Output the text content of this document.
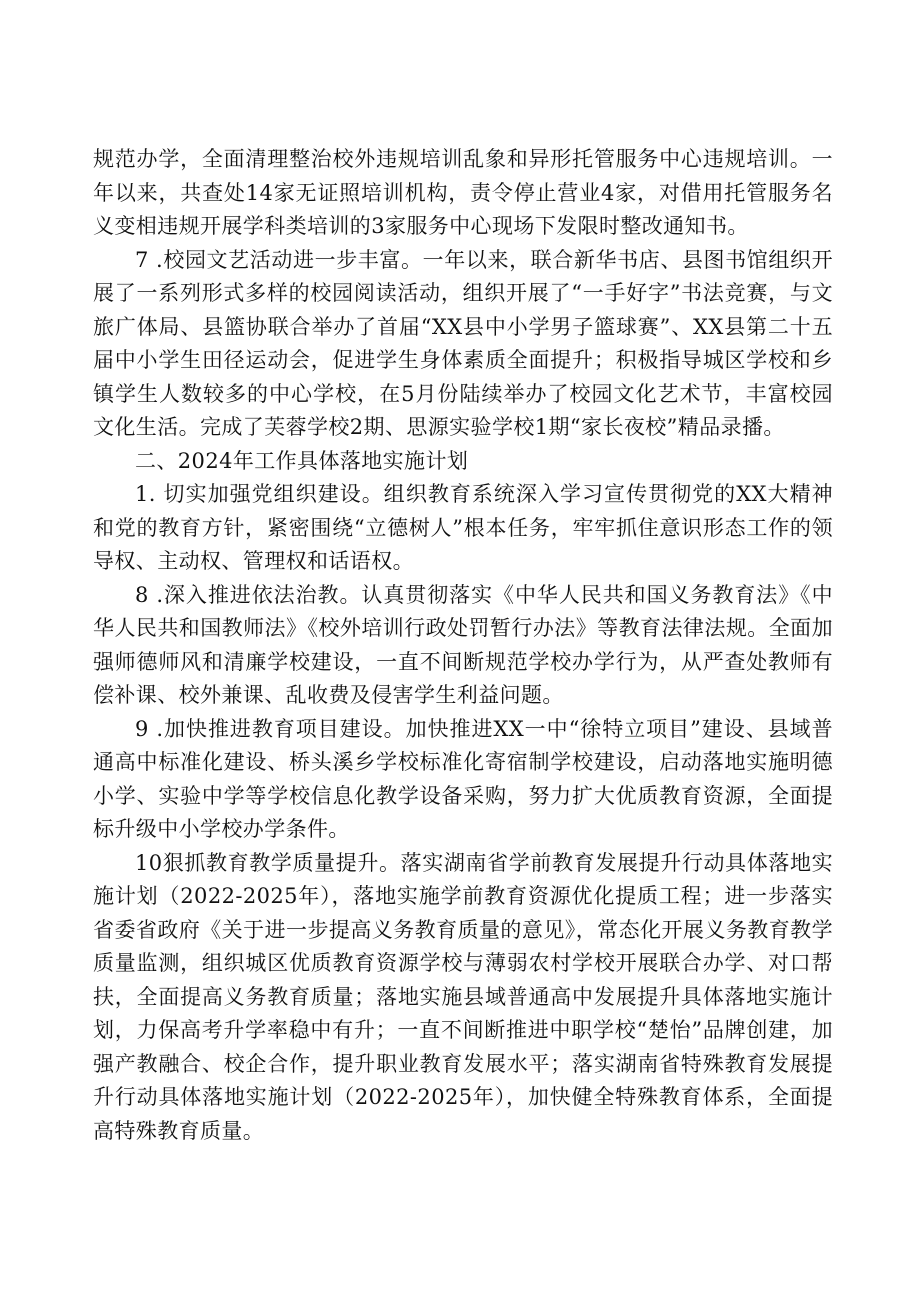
规范办学，全面清理整治校外违规培训乱象和异形托管服务中心违规培训。一年以来，共查处14家无证照培训机构，责令停止营业4家，对借用托管服务名义变相违规开展学科类培训的3家服务中心现场下发限时整改通知书。

7 .校园文艺活动进一步丰富。一年以来，联合新华书店、县图书馆组织开展了一系列形式多样的校园阅读活动，组织开展了“一手好字”书法竞赛，与文旅广体局、县篮协联合举办了首届“XX县中小学男子篮球赛”、XX县第二十五届中小学生田径运动会，促进学生身体素质全面提升；积极指导城区学校和乡镇学生人数较多的中心学校，在5月份陆续举办了校园文化艺术节，丰富校园文化生活。完成了芙蓉学校2期、思源实验学校1期“家长夜校”精品录播。

二、2024年工作具体落地实施计划

1. 切实加强党组织建设。组织教育系统深入学习宣传贯彻党的XX大精神和党的教育方针，紧密围绕“立德树人”根本任务，牢牢抓住意识形态工作的领导权、主动权、管理权和话语权。

8 .深入推进依法治教。认真贯彻落实《中华人民共和国义务教育法》《中华人民共和国教师法》《校外培训行政处罚暂行办法》等教育法律法规。全面加强师德师风和清廉学校建设，一直不间断规范学校办学行为，从严查处教师有偿补课、校外兼课、乱收费及侵害学生利益问题。

9 .加快推进教育项目建设。加快推进XX一中“徐特立项目”建设、县域普通高中标准化建设、桥头溪乡学校标准化寄宿制学校建设，启动落地实施明德小学、实验中学等学校信息化教学设备采购，努力扩大优质教育资源，全面提标升级中小学校办学条件。

10狠抓教育教学质量提升。落实湖南省学前教育发展提升行动具体落地实施计划（2022-2025年），落地实施学前教育资源优化提质工程；进一步落实省委省政府《关于进一步提高义务教育质量的意见》，常态化开展义务教育教学质量监测，组织城区优质教育资源学校与薄弱农村学校开展联合办学、对口帮扶，全面提高义务教育质量；落地实施县域普通高中发展提升具体落地实施计划，力保高考升学率稳中有升；一直不间断推进中职学校“楚怡”品牌创建，加强产教融合、校企合作，提升职业教育发展水平；落实湖南省特殊教育发展提升行动具体落地实施计划（2022-2025年），加快健全特殊教育体系，全面提高特殊教育质量。
